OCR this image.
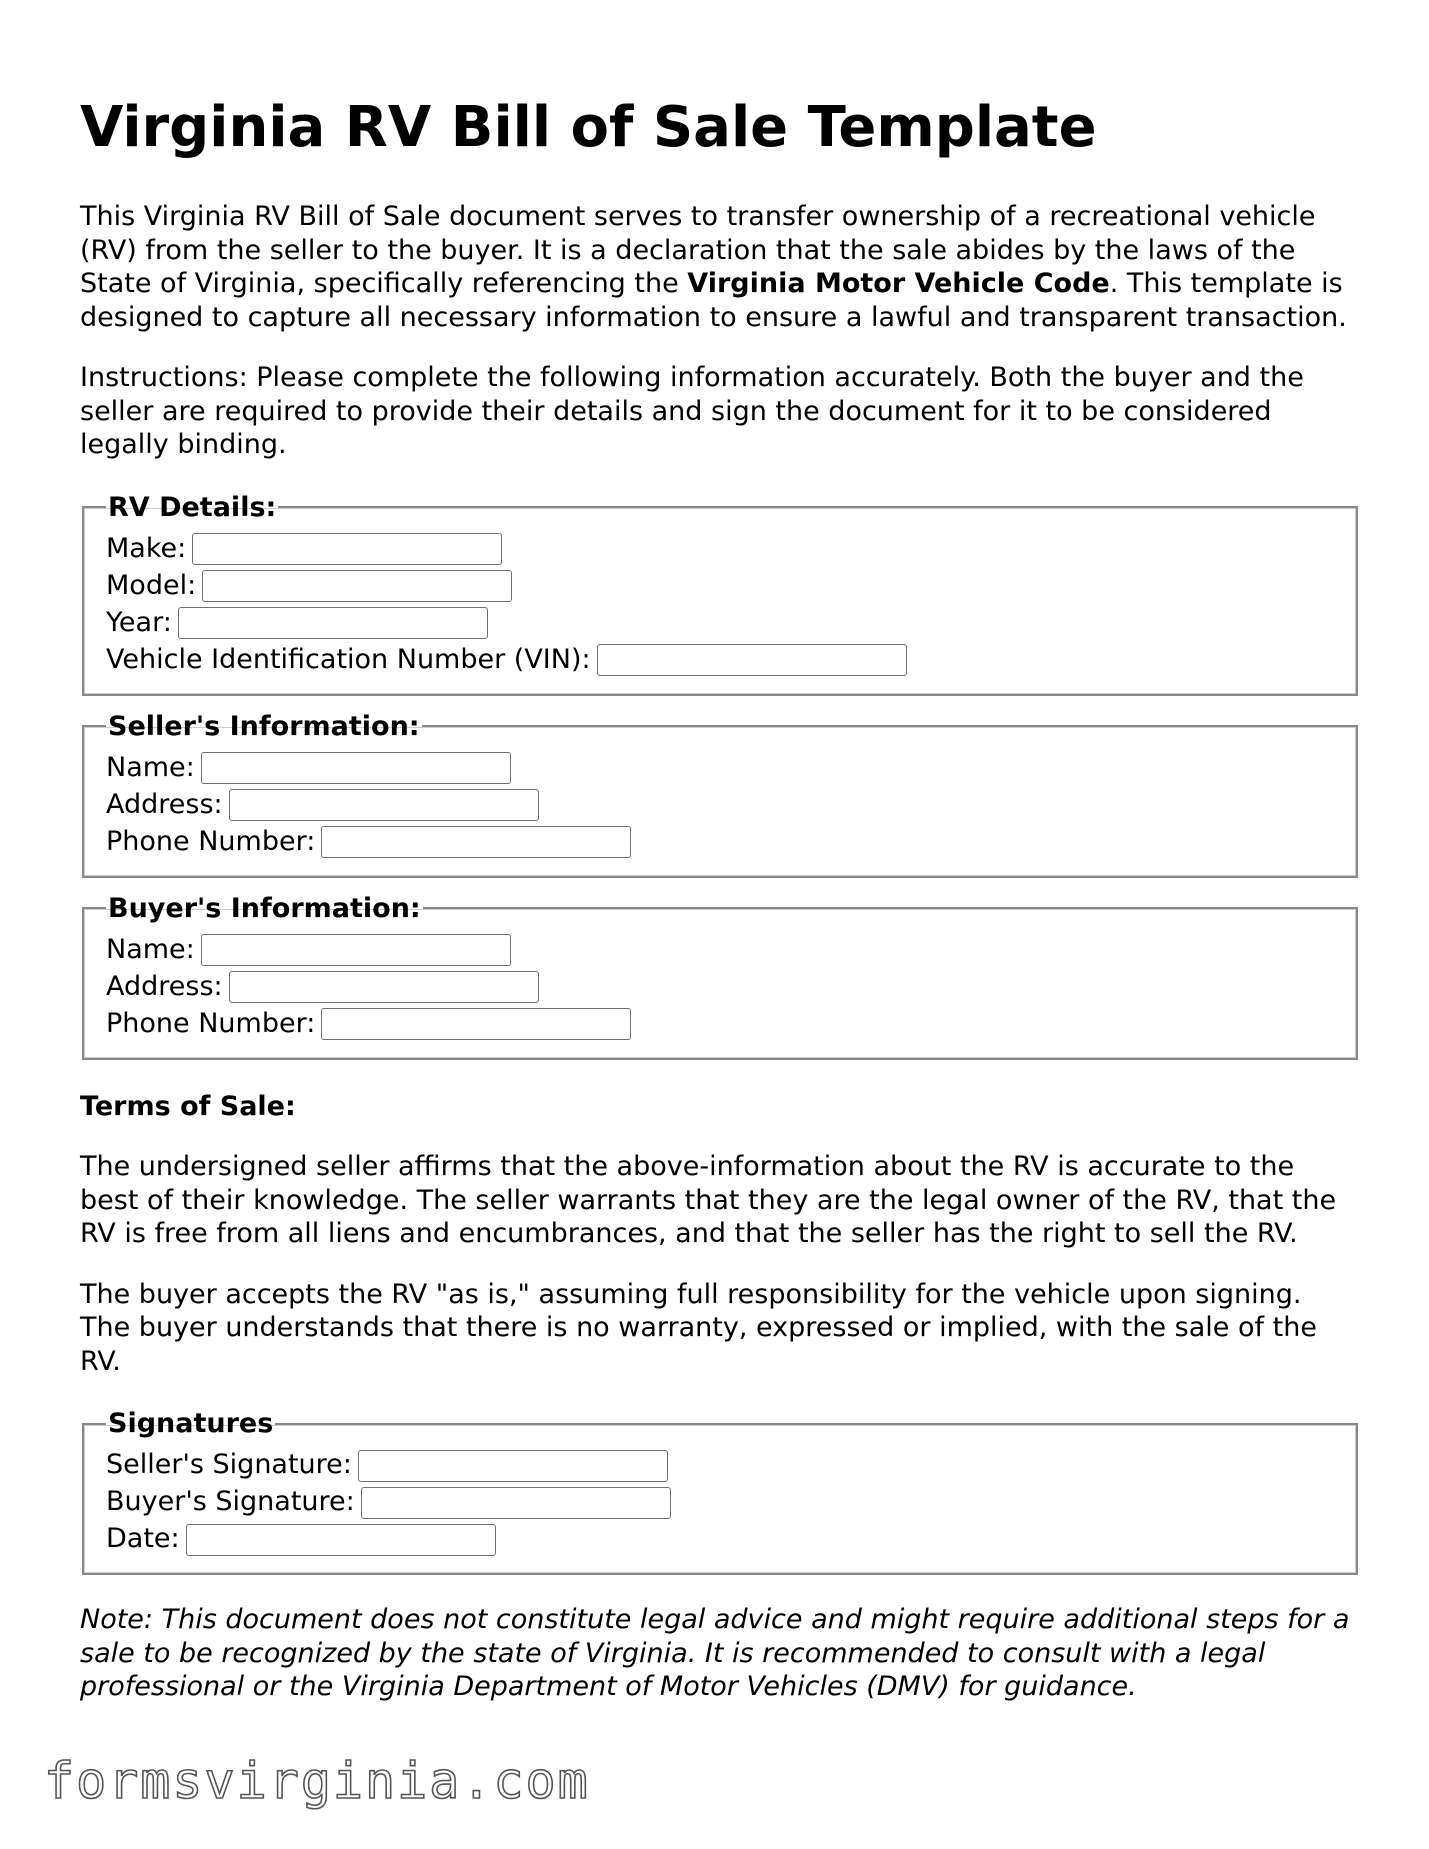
Virginia RV Bill of Sale Template

This Virginia RV Bill of Sale document serves to transfer ownership of a recreational vehicle (RV) from the seller to the buyer. It is a declaration that the sale abides by the laws of the State of Virginia, specifically referencing the Virginia Motor Vehicle Code. This template is designed to capture all necessary information to ensure a lawful and transparent transaction.

Instructions: Please complete the following information accurately. Both the buyer and the seller are required to provide their details and sign the document for it to be considered legally binding.

RV Details:
Make:
Model:
Year:
Vehicle Identification Number (VIN):
Seller's Information:
Name:
Address:
Phone Number:
Buyer's Information:
Name:
Address:
Phone Number:

Terms of Sale:

The undersigned seller affirms that the above-information about the RV is accurate to the best of their knowledge. The seller warrants that they are the legal owner of the RV, that the RV is free from all liens and encumbrances, and that the seller has the right to sell the RV.

The buyer accepts the RV "as is," assuming full responsibility for the vehicle upon signing. The buyer understands that there is no warranty, expressed or implied, with the sale of the RV.

Signatures
Seller's Signature:
Buyer's Signature:
Date:

Note: This document does not constitute legal advice and might require additional steps for a sale to be recognized by the state of Virginia. It is recommended to consult with a legal professional or the Virginia Department of Motor Vehicles (DMV) for guidance.

formsvirginia.com
